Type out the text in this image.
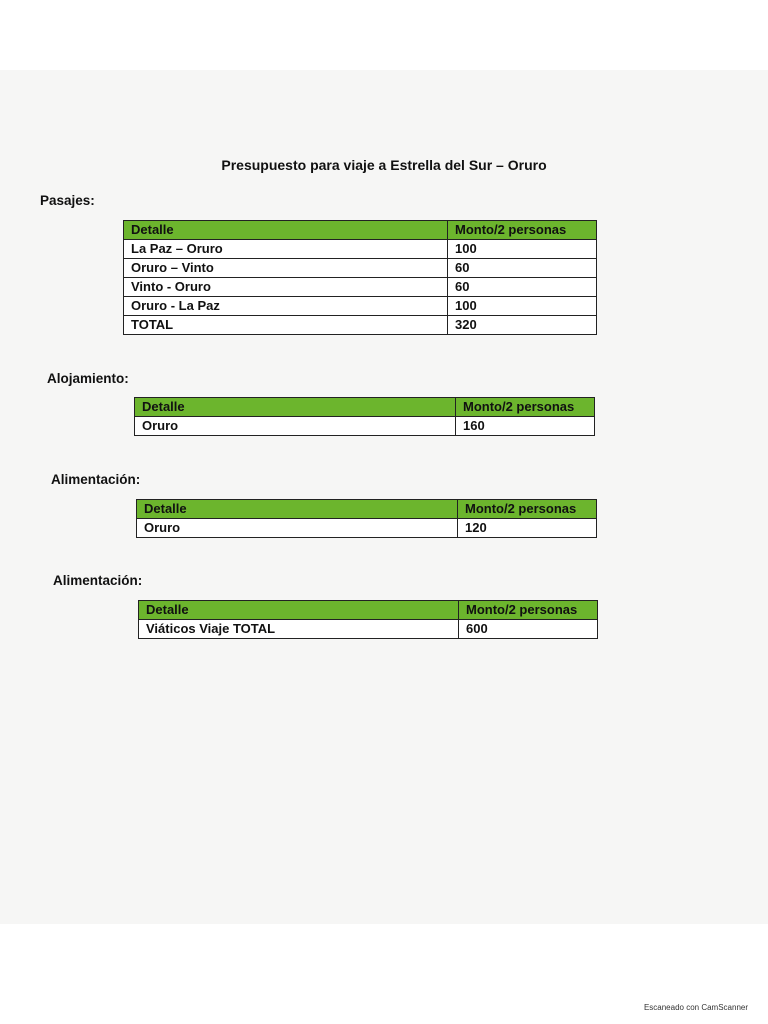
Presupuesto para viaje a Estrella del Sur – Oruro
Pasajes:
Detalle	Monto/2 personas
La Paz – Oruro	100
Oruro – Vinto	60
Vinto - Oruro	60
Oruro - La Paz	100
TOTAL	320
Alojamiento:
Detalle	Monto/2 personas
Oruro	160
Alimentación:
Detalle	Monto/2 personas
Oruro	120
Alimentación:
Detalle	Monto/2 personas
Viáticos Viaje TOTAL	600
Escaneado con CamScanner
